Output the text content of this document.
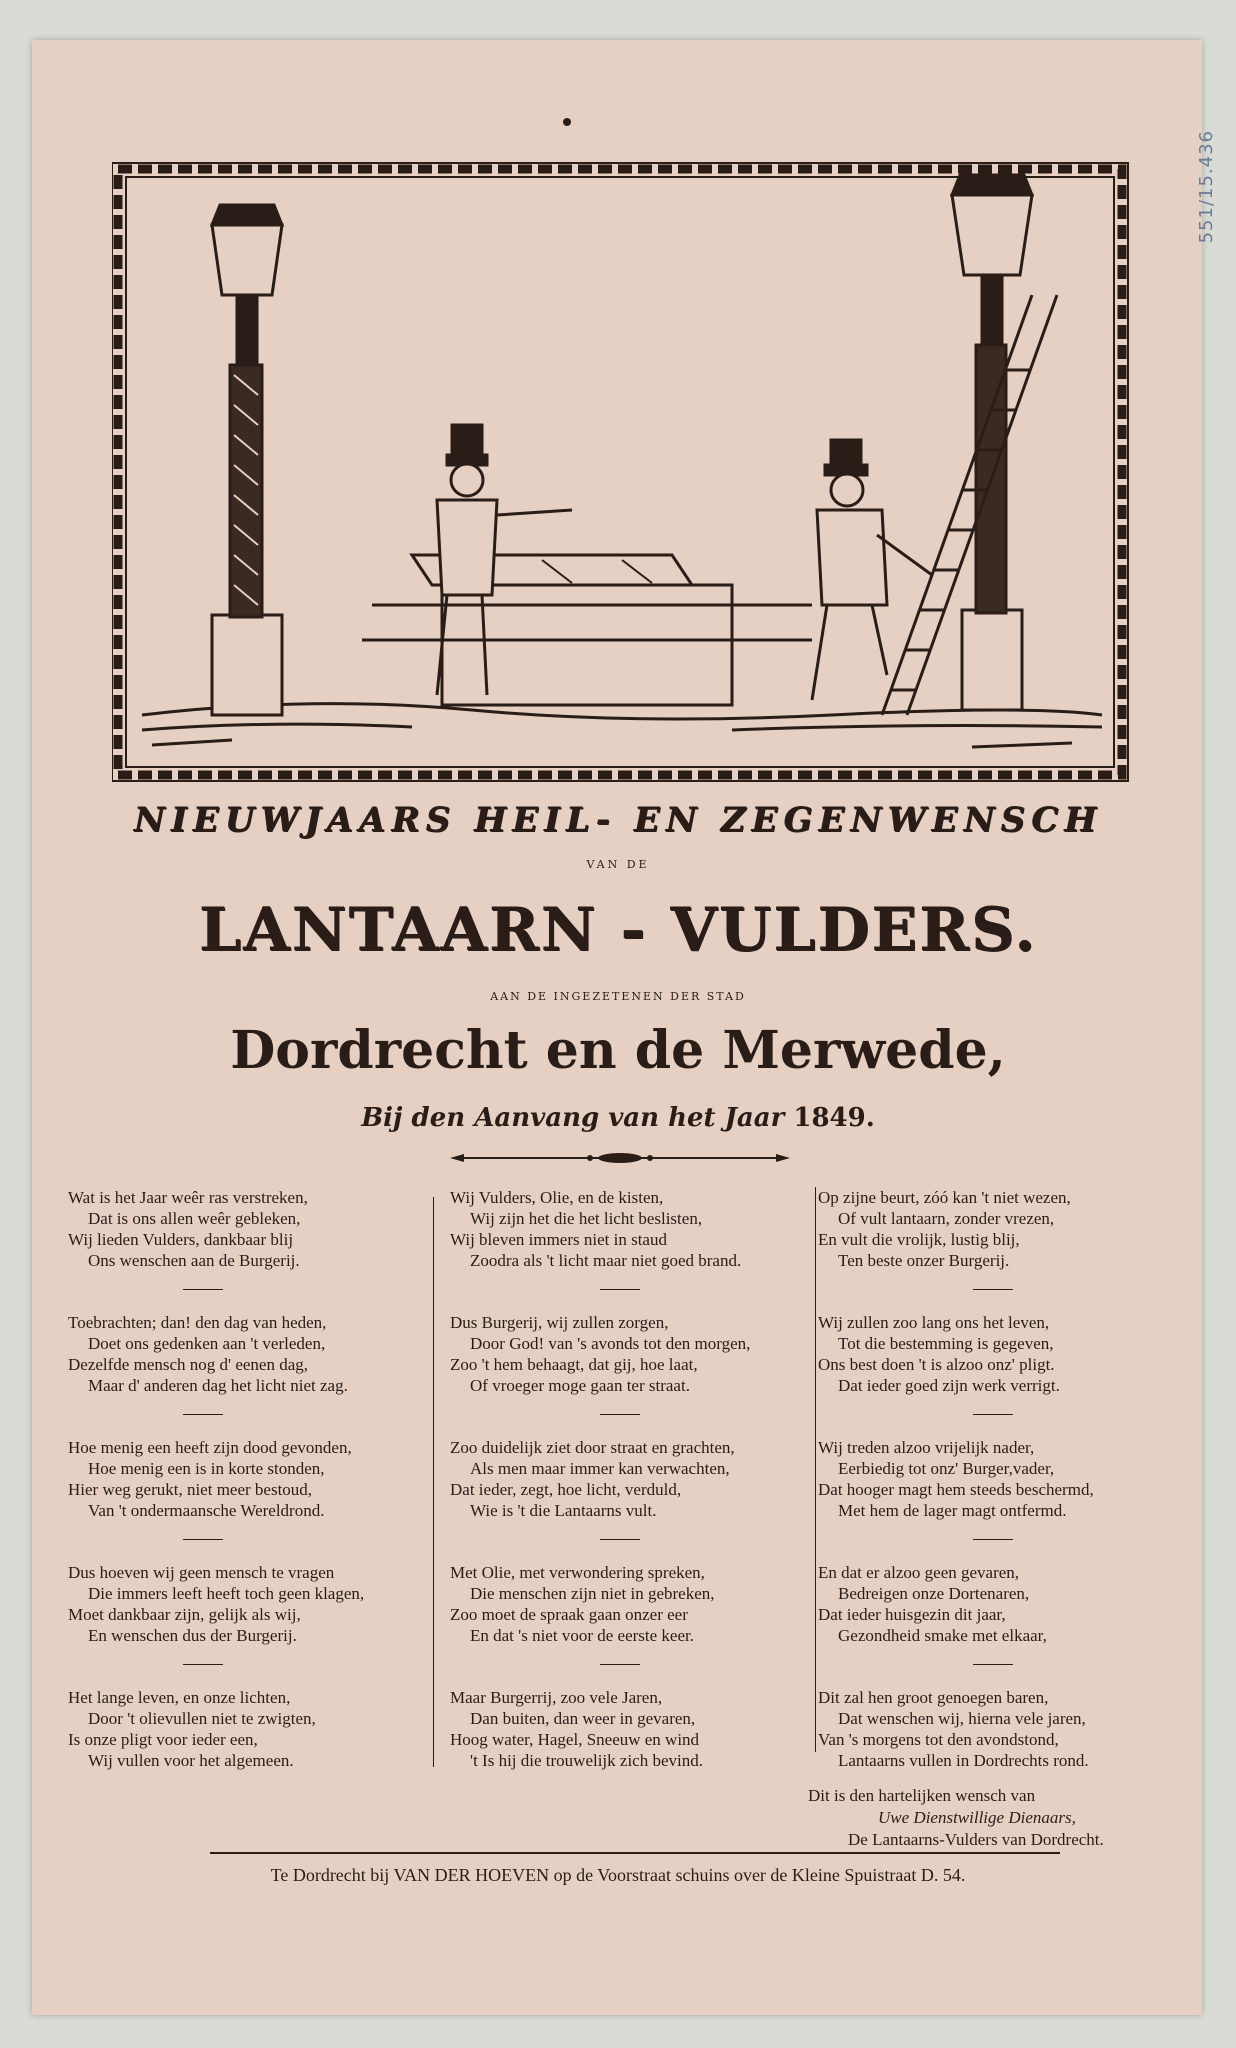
551/15.436
NIEUWJAARS HEIL- EN ZEGENWENSCH
VAN DE
LANTAARN - VULDERS.
AAN DE INGEZETENEN DER STAD
Dordrecht en de Merwede,
Bij den Aanvang van het Jaar 1849.
Wat is het Jaar weêr ras verstreken,
Dat is ons allen weêr gebleken,
Wij lieden Vulders, dankbaar blij
Ons wenschen aan de Burgerij.
Toebrachten; dan! den dag van heden,
Doet ons gedenken aan 't verleden,
Dezelfde mensch nog d' eenen dag,
Maar d' anderen dag het licht niet zag.
Hoe menig een heeft zijn dood gevonden,
Hoe menig een is in korte stonden,
Hier weg gerukt, niet meer bestoud,
Van 't ondermaansche Wereldrond.
Dus hoeven wij geen mensch te vragen
Die immers leeft heeft toch geen klagen,
Moet dankbaar zijn, gelijk als wij,
En wenschen dus der Burgerij.
Het lange leven, en onze lichten,
Door 't olievullen niet te zwigten,
Is onze pligt voor ieder een,
Wij vullen voor het algemeen.
Wij Vulders, Olie, en de kisten,
Wij zijn het die het licht beslisten,
Wij bleven immers niet in staud
Zoodra als 't licht maar niet goed brand.
Dus Burgerij, wij zullen zorgen,
Door God! van 's avonds tot den morgen,
Zoo 't hem behaagt, dat gij, hoe laat,
Of vroeger moge gaan ter straat.
Zoo duidelijk ziet door straat en grachten,
Als men maar immer kan verwachten,
Dat ieder, zegt, hoe licht, verduld,
Wie is 't die Lantaarns vult.
Met Olie, met verwondering spreken,
Die menschen zijn niet in gebreken,
Zoo moet de spraak gaan onzer eer
En dat 's niet voor de eerste keer.
Maar Burgerrij, zoo vele Jaren,
Dan buiten, dan weer in gevaren,
Hoog water, Hagel, Sneeuw en wind
't Is hij die trouwelijk zich bevind.
Op zijne beurt, zóó kan 't niet wezen,
Of vult lantaarn, zonder vrezen,
En vult die vrolijk, lustig blij,
Ten beste onzer Burgerij.
Wij zullen zoo lang ons het leven,
Tot die bestemming is gegeven,
Ons best doen 't is alzoo onz' pligt.
Dat ieder goed zijn werk verrigt.
Wij treden alzoo vrijelijk nader,
Eerbiedig tot onz' Burger,vader,
Dat hooger magt hem steeds beschermd,
Met hem de lager magt ontfermd.
En dat er alzoo geen gevaren,
Bedreigen onze Dortenaren,
Dat ieder huisgezin dit jaar,
Gezondheid smake met elkaar,
Dit zal hen groot genoegen baren,
Dat wenschen wij, hierna vele jaren,
Van 's morgens tot den avondstond,
Lantaarns vullen in Dordrechts rond.
Dit is den hartelijken wensch van
Uwe Dienstwillige Dienaars,
De Lantaarns-Vulders van Dordrecht.
Te Dordrecht bij VAN DER HOEVEN op de Voorstraat schuins over de Kleine Spuistraat D. 54.
